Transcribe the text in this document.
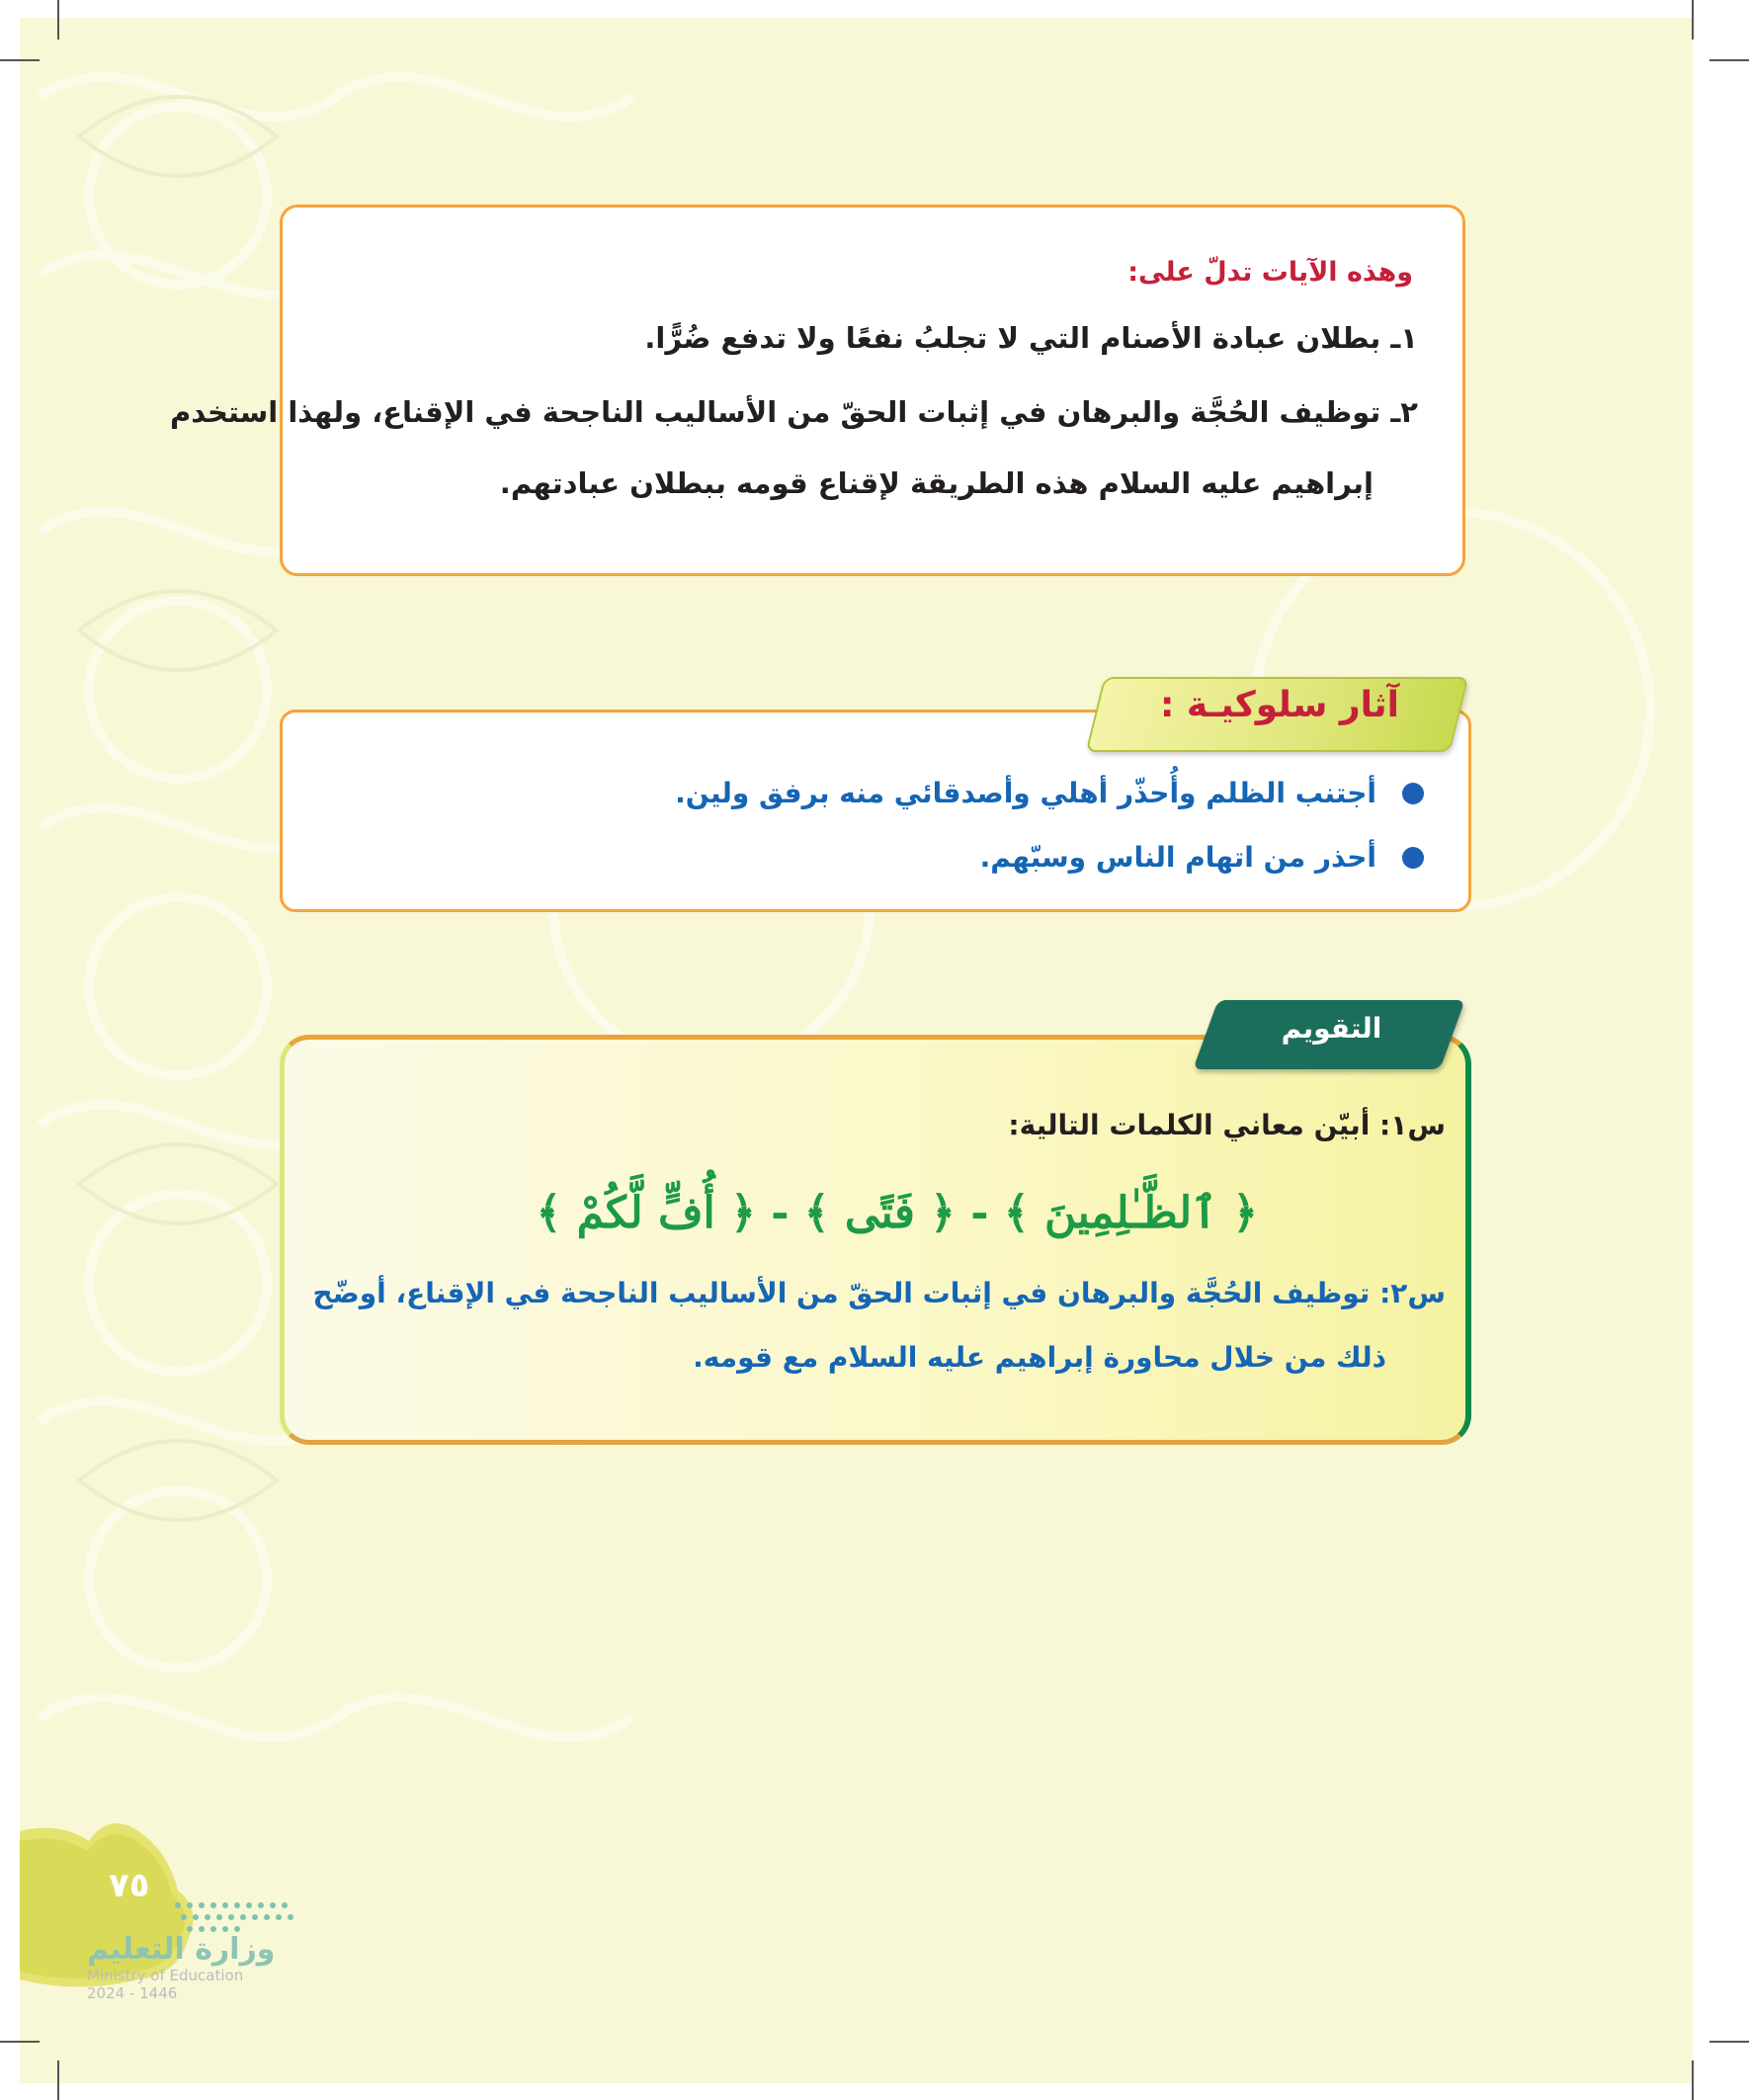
وهذه الآيات تدلّ على:
١ـ بطلان عبادة الأصنام التي لا تجلبُ نفعًا ولا تدفع ضُرًّا.
٢ـ توظيف الحُجَّة والبرهان في إثبات الحقّ من الأساليب الناجحة في الإقناع، ولهذا استخدم
إبراهيم عليه السلام هذه الطريقة لإقناع قومه ببطلان عبادتهم.
أجتنب الظلم وأُحذّر أهلي وأصدقائي منه برفق ولين.
أحذر من اتهام الناس وسبّهم.
آثار سلوكيـة :
س١: أبيّن معاني الكلمات التالية:
﴿ ٱلظَّـٰلِمِينَ ﴾ - ﴿ فَتًى ﴾ - ﴿ أُفٍّ لَّكُمْ ﴾
س٢: توظيف الحُجَّة والبرهان في إثبات الحقّ من الأساليب الناجحة في الإقناع، أوضّح
ذلك من خلال محاورة إبراهيم عليه السلام مع قومه.
التقويم
٧٥
وزارة التعليم
Ministry of Education
2024 - 1446
